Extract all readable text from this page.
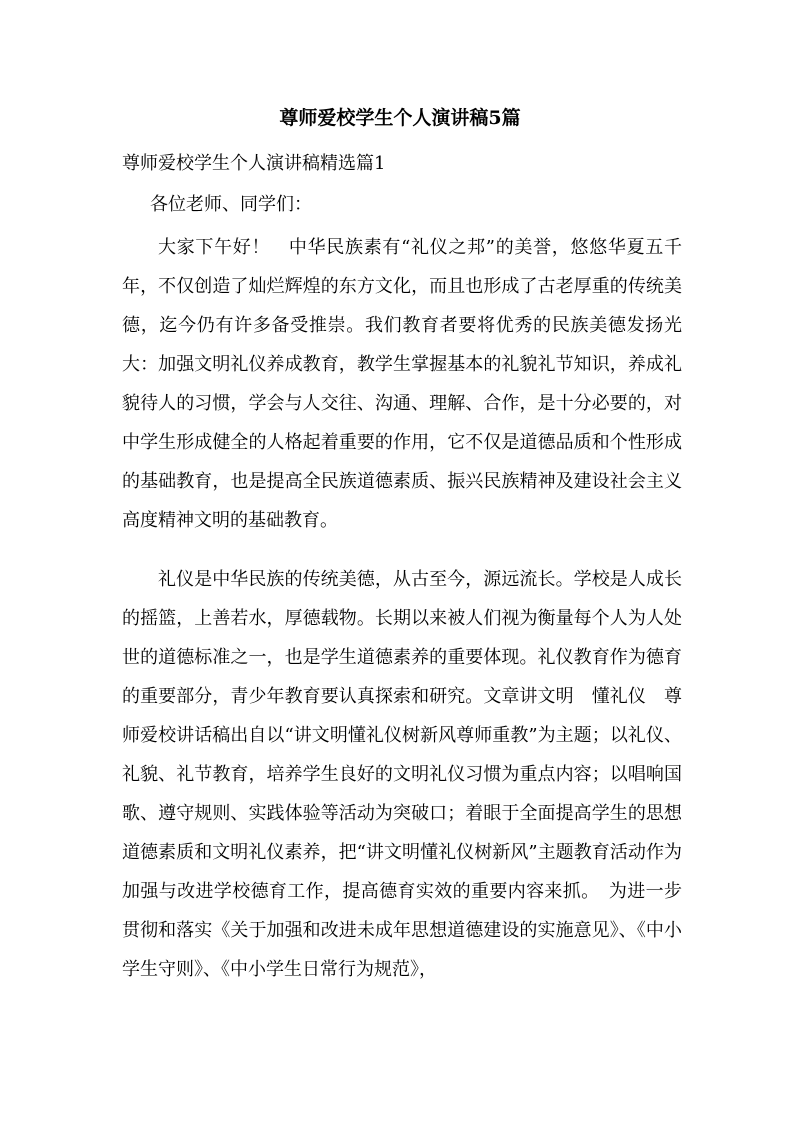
尊师爱校学生个人演讲稿5篇
尊师爱校学生个人演讲稿精选篇1
各位老师、同学们：

大家下午好！　中华民族素有“礼仪之邦”的美誉，悠悠华夏五千年，不仅创造了灿烂辉煌的东方文化，而且也形成了古老厚重的传统美德，迄今仍有许多备受推崇。我们教育者要将优秀的民族美德发扬光大：加强文明礼仪养成教育，教学生掌握基本的礼貌礼节知识，养成礼貌待人的习惯，学会与人交往、沟通、理解、合作，是十分必要的，对中学生形成健全的人格起着重要的作用，它不仅是道德品质和个性形成的基础教育，也是提高全民族道德素质、振兴民族精神及建设社会主义高度精神文明的基础教育。

礼仪是中华民族的传统美德，从古至今，源远流长。学校是人成长的摇篮，上善若水，厚德载物。长期以来被人们视为衡量每个人为人处世的道德标准之一，也是学生道德素养的重要体现。礼仪教育作为德育的重要部分，青少年教育要认真探索和研究。文章讲文明　懂礼仪　尊师爱校讲话稿出自以“讲文明懂礼仪树新风尊师重教”为主题；以礼仪、礼貌、礼节教育，培养学生良好的文明礼仪习惯为重点内容；以唱响国歌、遵守规则、实践体验等活动为突破口；着眼于全面提高学生的思想道德素质和文明礼仪素养，把“讲文明懂礼仪树新风”主题教育活动作为加强与改进学校德育工作，提高德育实效的重要内容来抓。　为进一步贯彻和落实《关于加强和改进未成年思想道德建设的实施意见》、《中小学生守则》、《中小学生日常行为规范》，
